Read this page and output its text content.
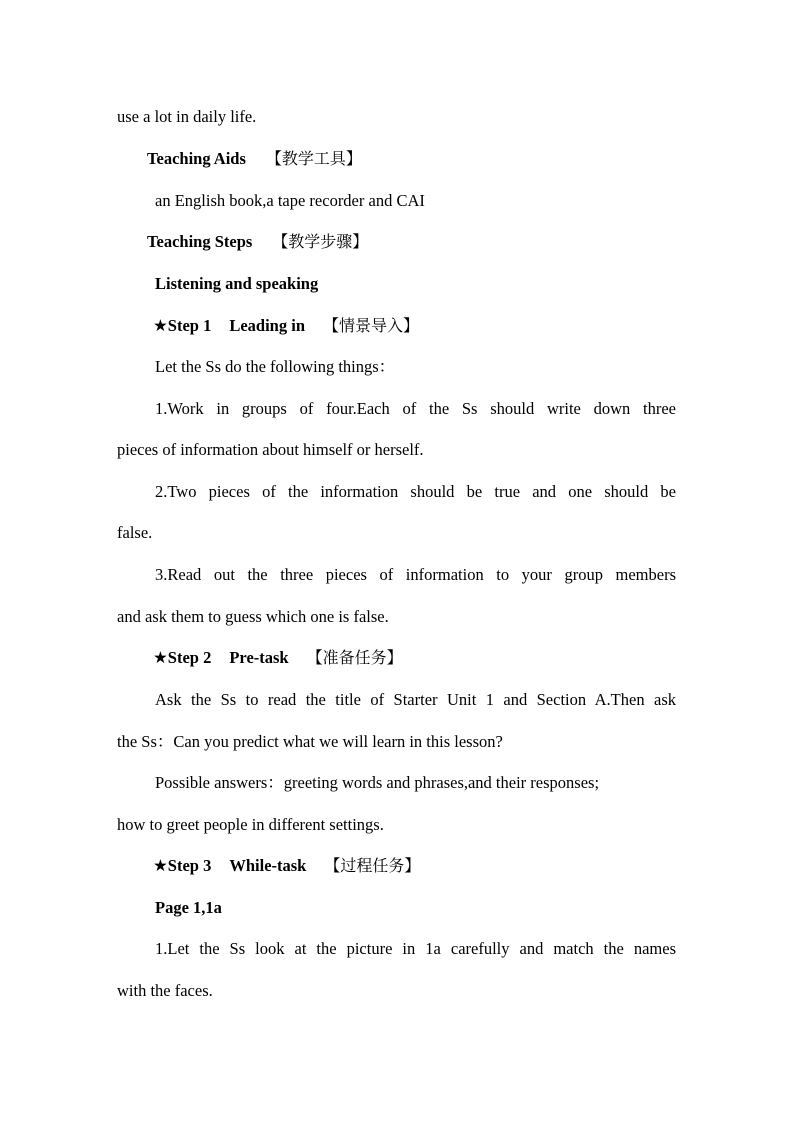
use a lot in daily life.
Teaching Aids 【教学工具】
an English book,a tape recorder and CAI
Teaching Steps 【教学步骤】
Listening and speaking
★Step 1 Leading in 【情景导入】
Let the Ss do the following things：
1.Work in groups of four.Each of the Ss should write down three
pieces of information about himself or herself.
2.Two pieces of the information should be true and one should be
false.
3.Read out the three pieces of information to your group members
and ask them to guess which one is false.
★Step 2 Pre-task 【准备任务】
Ask the Ss to read the title of Starter Unit 1 and Section A.Then ask
the Ss：Can you predict what we will learn in this lesson?
Possible answers：greeting words and phrases,and their responses;
how to greet people in different settings.
★Step 3 While-task 【过程任务】
Page 1,1a
1.Let the Ss look at the picture in 1a carefully and match the names
with the faces.
